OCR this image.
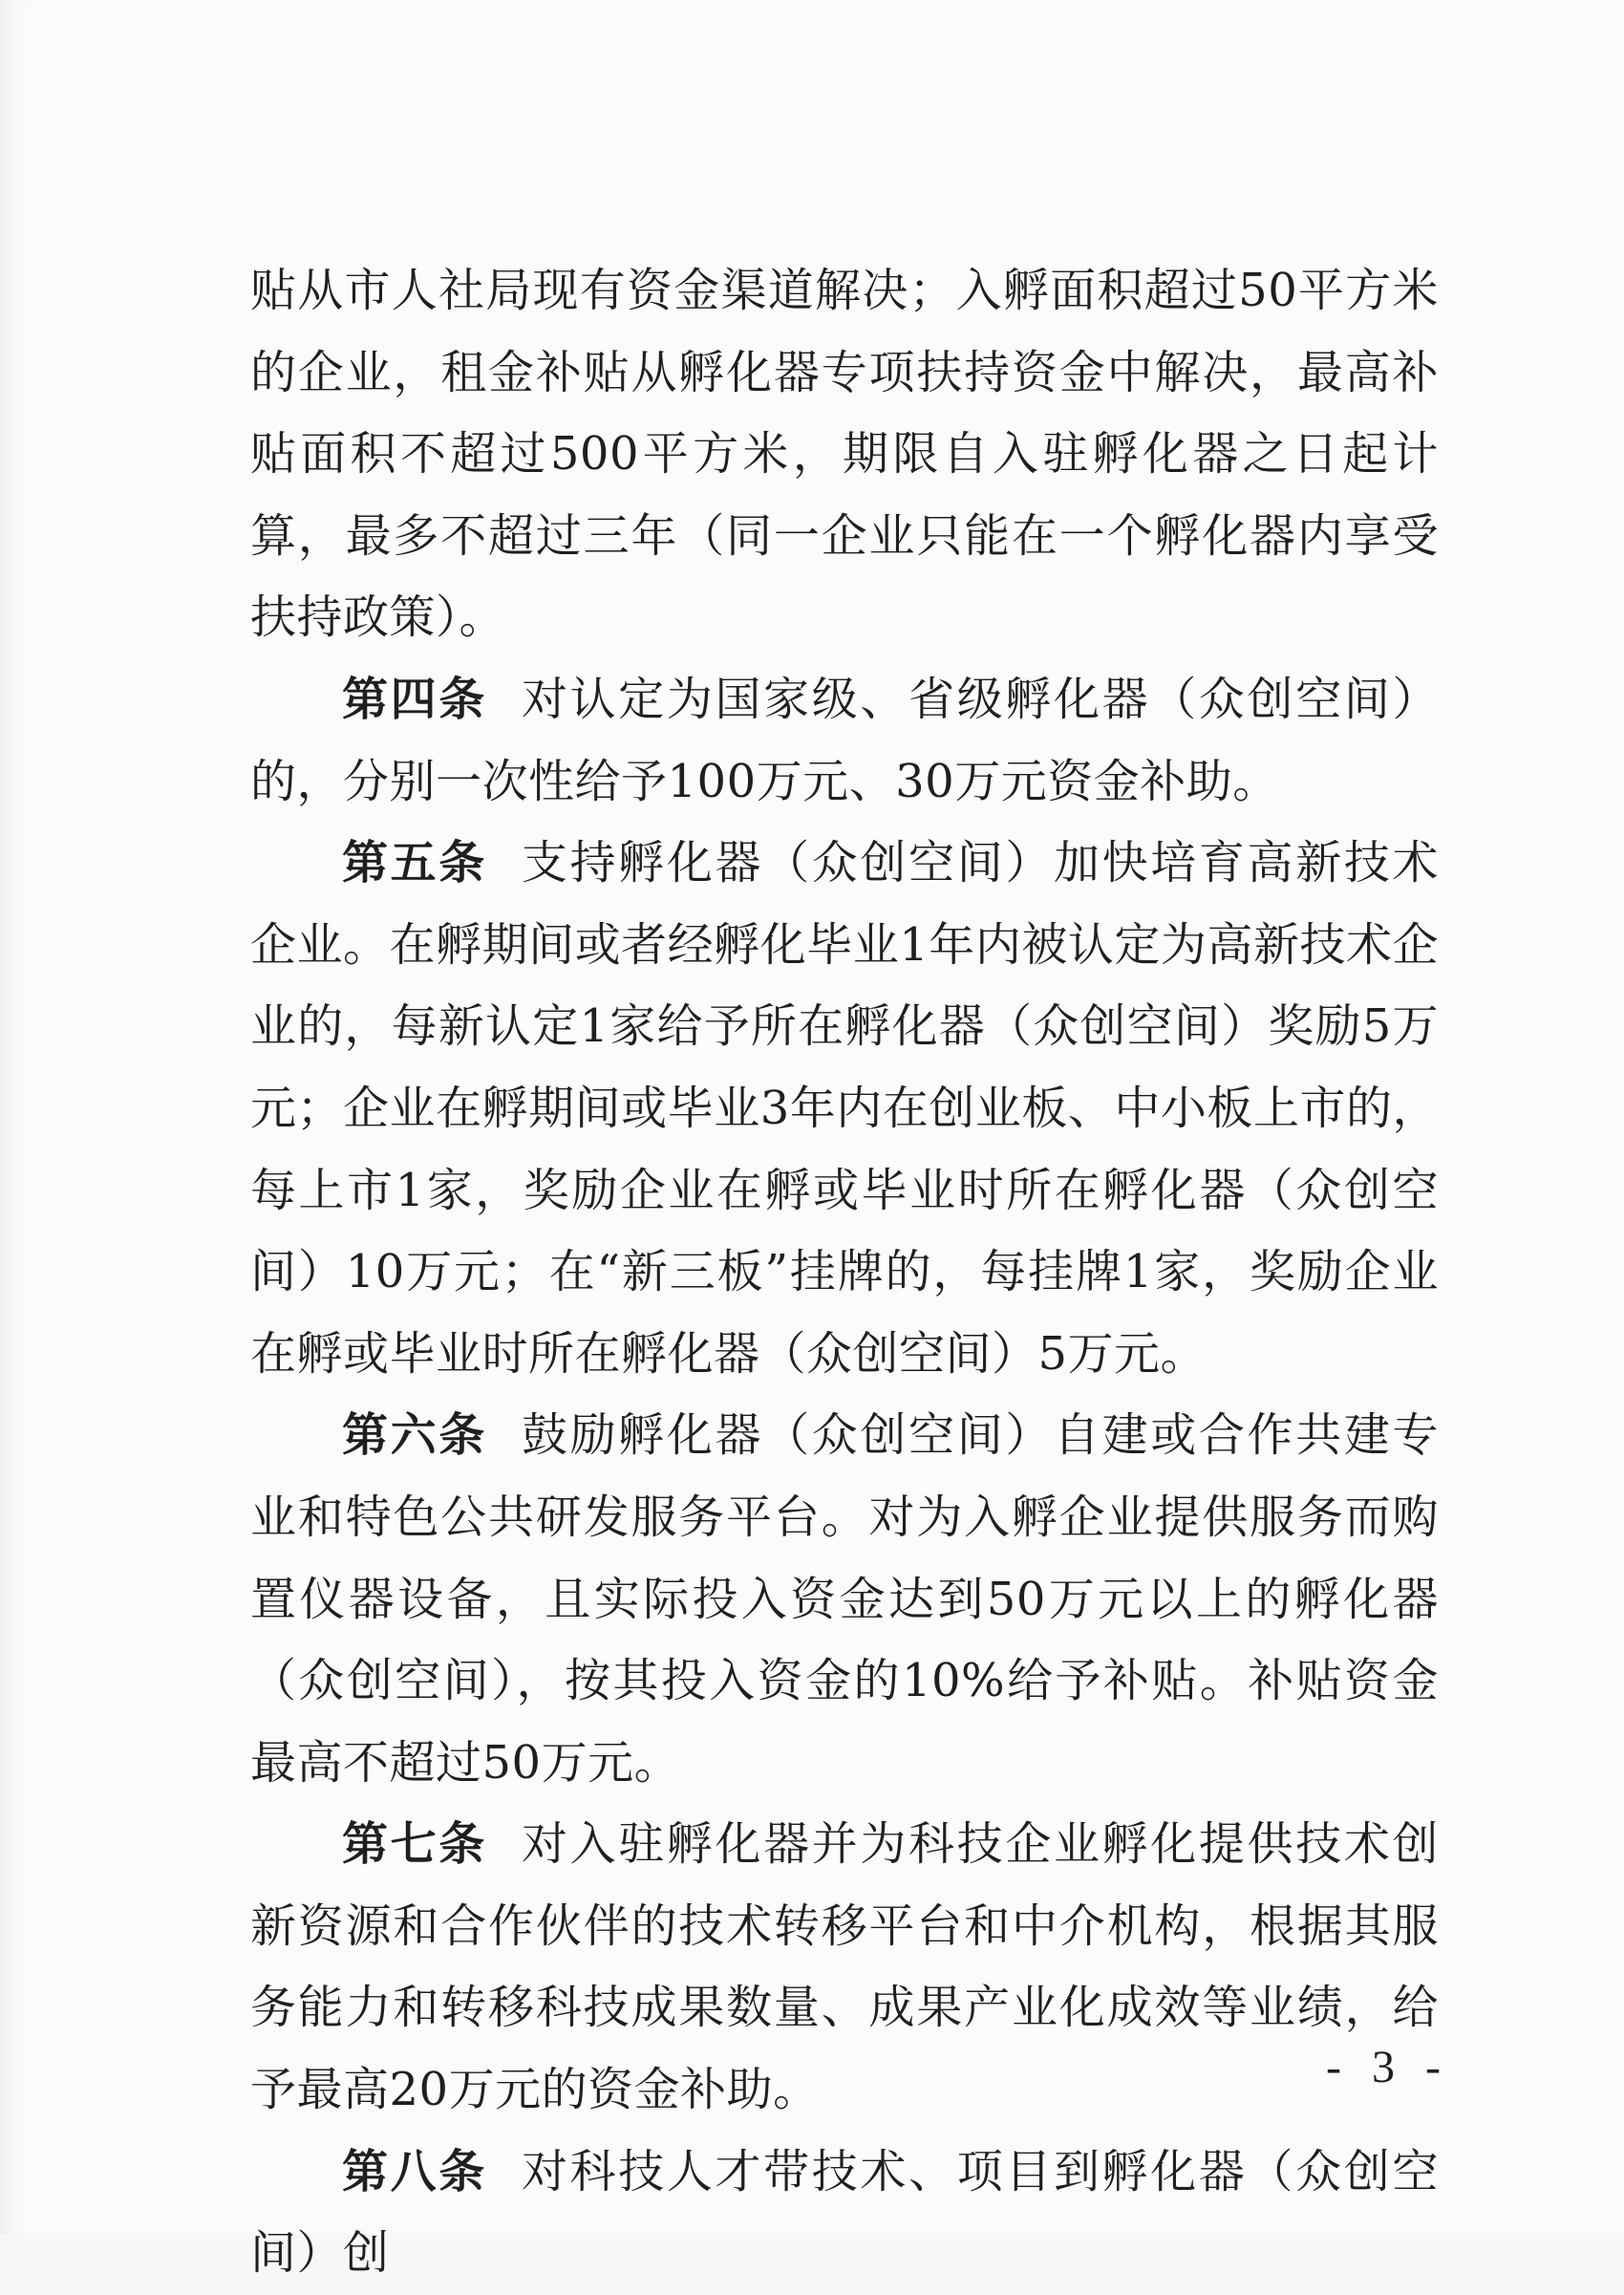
贴从市人社局现有资金渠道解决；入孵面积超过50平方米的企业，租金补贴从孵化器专项扶持资金中解决，最高补贴面积不超过500平方米，期限自入驻孵化器之日起计算，最多不超过三年（同一企业只能在一个孵化器内享受扶持政策）。

第四条 对认定为国家级、省级孵化器（众创空间）的，分别一次性给予100万元、30万元资金补助。

第五条 支持孵化器（众创空间）加快培育高新技术企业。在孵期间或者经孵化毕业1年内被认定为高新技术企业的，每新认定1家给予所在孵化器（众创空间）奖励5万元；企业在孵期间或毕业3年内在创业板、中小板上市的，每上市1家，奖励企业在孵或毕业时所在孵化器（众创空间）10万元；在“新三板”挂牌的，每挂牌1家，奖励企业在孵或毕业时所在孵化器（众创空间）5万元。

第六条 鼓励孵化器（众创空间）自建或合作共建专业和特色公共研发服务平台。对为入孵企业提供服务而购置仪器设备，且实际投入资金达到50万元以上的孵化器（众创空间），按其投入资金的10%给予补贴。补贴资金最高不超过50万元。

第七条 对入驻孵化器并为科技企业孵化提供技术创新资源和合作伙伴的技术转移平台和中介机构，根据其服务能力和转移科技成果数量、成果产业化成效等业绩，给予最高20万元的资金补助。

第八条 对科技人才带技术、项目到孵化器（众创空间）创

- 3 -
